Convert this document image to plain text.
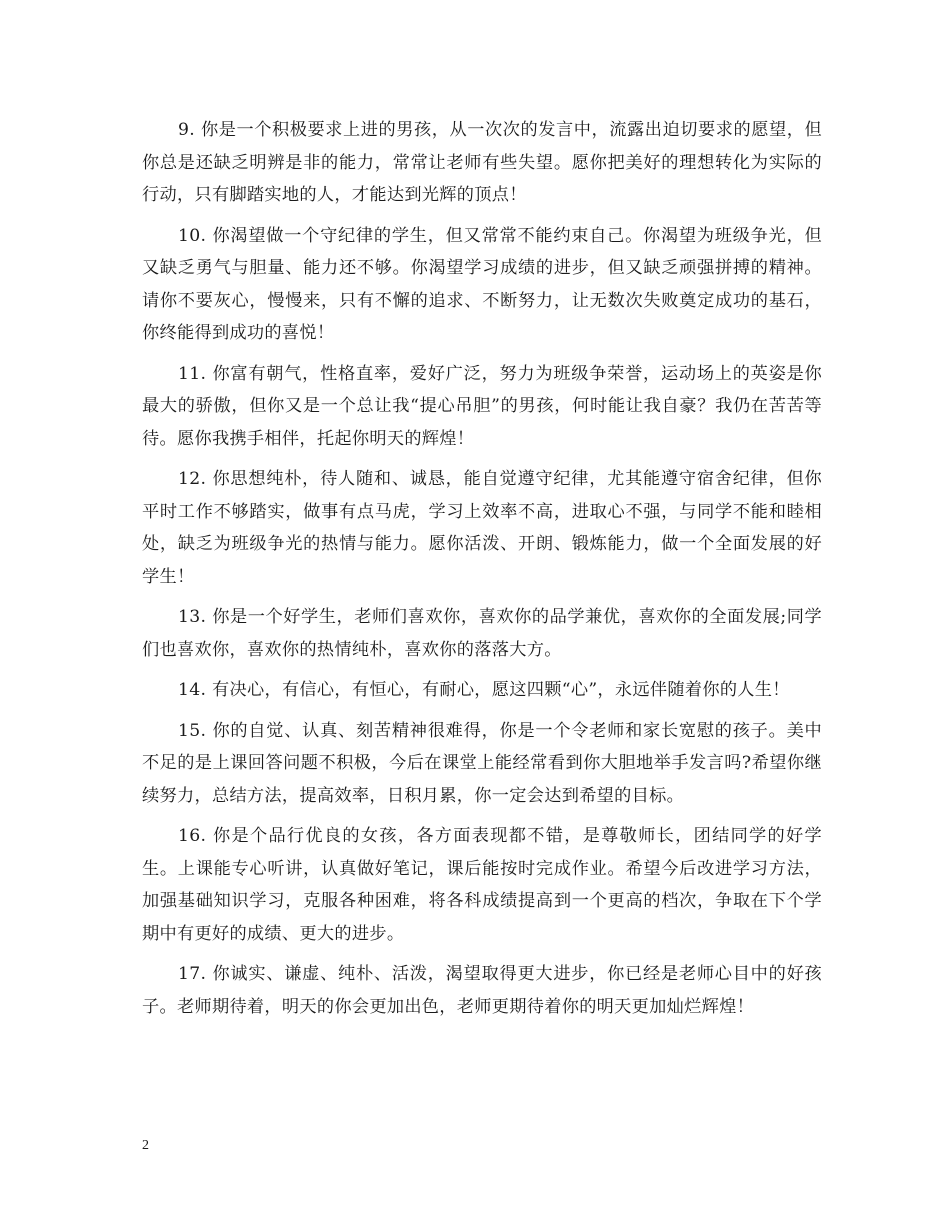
9. 你是一个积极要求上进的男孩，从一次次的发言中，流露出迫切要求的愿望，但你总是还缺乏明辨是非的能力，常常让老师有些失望。愿你把美好的理想转化为实际的行动，只有脚踏实地的人，才能达到光辉的顶点！

10. 你渴望做一个守纪律的学生，但又常常不能约束自己。你渴望为班级争光，但又缺乏勇气与胆量、能力还不够。你渴望学习成绩的进步，但又缺乏顽强拼搏的精神。请你不要灰心，慢慢来，只有不懈的追求、不断努力，让无数次失败奠定成功的基石，你终能得到成功的喜悦！

11. 你富有朝气，性格直率，爱好广泛，努力为班级争荣誉，运动场上的英姿是你最大的骄傲，但你又是一个总让我“提心吊胆”的男孩，何时能让我自豪？我仍在苦苦等待。愿你我携手相伴，托起你明天的辉煌！

12. 你思想纯朴，待人随和、诚恳，能自觉遵守纪律，尤其能遵守宿舍纪律，但你平时工作不够踏实，做事有点马虎，学习上效率不高，进取心不强，与同学不能和睦相处，缺乏为班级争光的热情与能力。愿你活泼、开朗、锻炼能力，做一个全面发展的好学生！

13. 你是一个好学生，老师们喜欢你，喜欢你的品学兼优，喜欢你的全面发展;同学们也喜欢你，喜欢你的热情纯朴，喜欢你的落落大方。

14. 有决心，有信心，有恒心，有耐心，愿这四颗“心”，永远伴随着你的人生！

15. 你的自觉、认真、刻苦精神很难得，你是一个令老师和家长宽慰的孩子。美中不足的是上课回答问题不积极，今后在课堂上能经常看到你大胆地举手发言吗?希望你继续努力，总结方法，提高效率，日积月累，你一定会达到希望的目标。

16. 你是个品行优良的女孩，各方面表现都不错，是尊敬师长，团结同学的好学生。上课能专心听讲，认真做好笔记，课后能按时完成作业。希望今后改进学习方法，加强基础知识学习，克服各种困难，将各科成绩提高到一个更高的档次，争取在下个学期中有更好的成绩、更大的进步。

17. 你诚实、谦虚、纯朴、活泼，渴望取得更大进步，你已经是老师心目中的好孩子。老师期待着，明天的你会更加出色，老师更期待着你的明天更加灿烂辉煌！

2
